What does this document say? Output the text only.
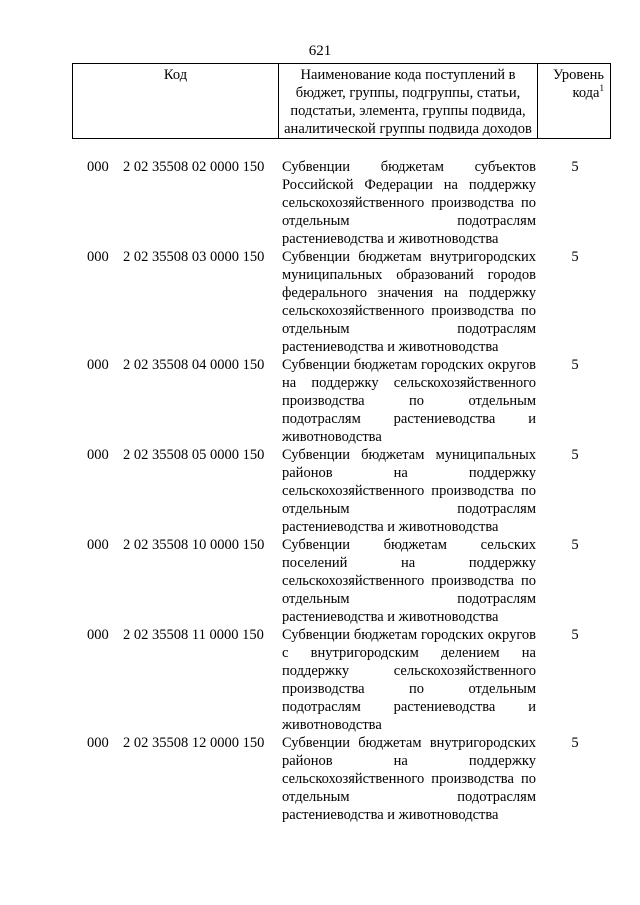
621
Код	Наименование кода поступлений в бюджет, группы, подгруппы, статьи, подстатьи, элемента, группы подвида, аналитической группы подвида доходов
Уровень кода$^1$
000 2 02 35508 02 0000 150 Субвенции бюджетам субъектов Российской Федерации на поддержку сельскохозяйственного производства по отдельным подотраслям растениеводства и животноводства
5
000 2 02 35508 03 0000 150 Субвенции бюджетам внутригородских муниципальных образований городов федерального значения на поддержку сельскохозяйственного производства по отдельным подотраслям растениеводства и животноводства
5
000 2 02 35508 04 0000 150 Субвенции бюджетам городских округов на поддержку сельскохозяйственного производства по отдельным подотраслям растениеводства и животноводства
5
000 2 02 35508 05 0000 150 Субвенции бюджетам муниципальных районов на поддержку сельскохозяйственного производства по отдельным подотраслям растениеводства и животноводства
5
000 2 02 35508 10 0000 150 Субвенции бюджетам сельских поселений на поддержку сельскохозяйственного производства по отдельным подотраслям растениеводства и животноводства
5
000 2 02 35508 11 0000 150 Субвенции бюджетам городских округов с внутригородским делением на поддержку сельскохозяйственного производства по отдельным подотраслям растениеводства и животноводства
5
000 2 02 35508 12 0000 150 Субвенции бюджетам внутригородских районов на поддержку сельскохозяйственного производства по отдельным подотраслям растениеводства и животноводства
5
